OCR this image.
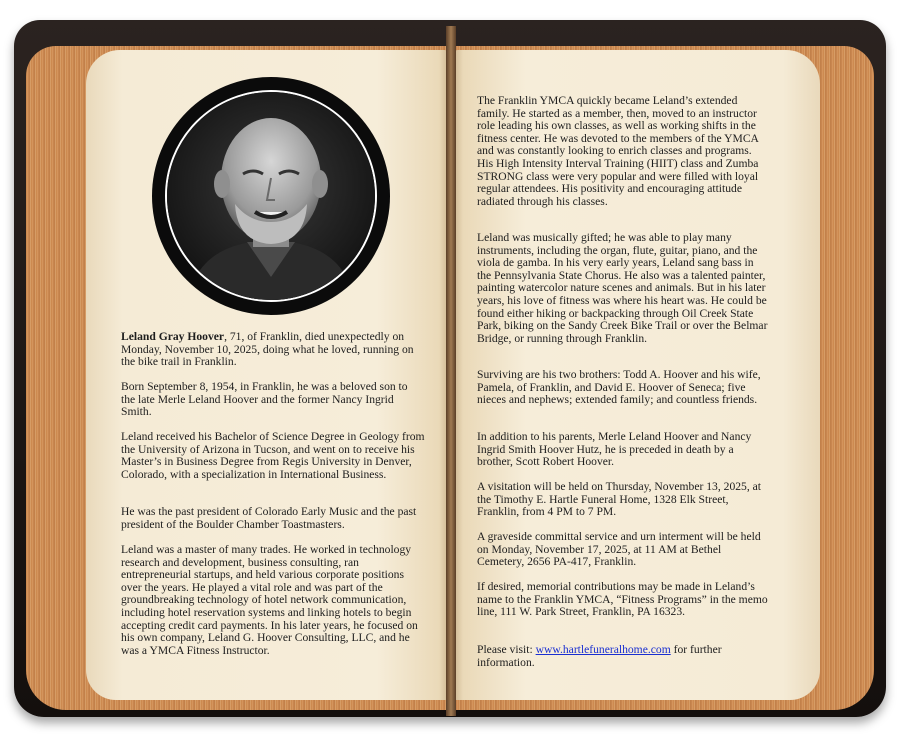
Leland Gray Hoover, 71, of Franklin, died unexpectedly on Monday, November 10, 2025, doing what he loved, running on the bike trail in Franklin.
Born September 8, 1954, in Franklin, he was a beloved son to the late Merle Leland Hoover and the former Nancy Ingrid Smith.
Leland received his Bachelor of Science Degree in Geology from the University of Arizona in Tucson, and went on to receive his Master’s in Business Degree from Regis University in Denver, Colorado, with a specialization in International Business.
He was the past president of Colorado Early Music and the past president of the Boulder Chamber Toastmasters.
Leland was a master of many trades. He worked in technology research and development, business consulting, ran entrepreneurial startups, and held various corporate positions over the years. He played a vital role and was part of the groundbreaking technology of hotel network communication, including hotel reservation systems and linking hotels to begin accepting credit card payments. In his later years, he focused on his own company, Leland G. Hoover Consulting, LLC, and he was a YMCA Fitness Instructor.
The Franklin YMCA quickly became Leland’s extended family. He started as a member, then, moved to an instructor role leading his own classes, as well as working shifts in the fitness center. He was devoted to the members of the YMCA and was constantly looking to enrich classes and programs. His High Intensity Interval Training (HIIT) class and Zumba STRONG class were very popular and were filled with loyal regular attendees. His positivity and encouraging attitude radiated through his classes.
Leland was musically gifted; he was able to play many instruments, including the organ, flute, guitar, piano, and the viola de gamba. In his very early years, Leland sang bass in the Pennsylvania State Chorus. He also was a talented painter, painting watercolor nature scenes and animals. But in his later years, his love of fitness was where his heart was. He could be found either hiking or backpacking through Oil Creek State Park, biking on the Sandy Creek Bike Trail or over the Belmar Bridge, or running through Franklin.
Surviving are his two brothers: Todd A. Hoover and his wife, Pamela, of Franklin, and David E. Hoover of Seneca; five nieces and nephews; extended family; and countless friends.
In addition to his parents, Merle Leland Hoover and Nancy Ingrid Smith Hoover Hutz, he is preceded in death by a brother, Scott Robert Hoover.
A visitation will be held on Thursday, November 13, 2025, at the Timothy E. Hartle Funeral Home, 1328 Elk Street, Franklin, from 4 PM to 7 PM.
A graveside committal service and urn interment will be held on Monday, November 17, 2025, at 11 AM at Bethel Cemetery, 2656 PA-417, Franklin.
If desired, memorial contributions may be made in Leland’s name to the Franklin YMCA, “Fitness Programs” in the memo line, 111 W. Park Street, Franklin, PA 16323.
Please visit: www.hartlefuneralhome.com for further information.
